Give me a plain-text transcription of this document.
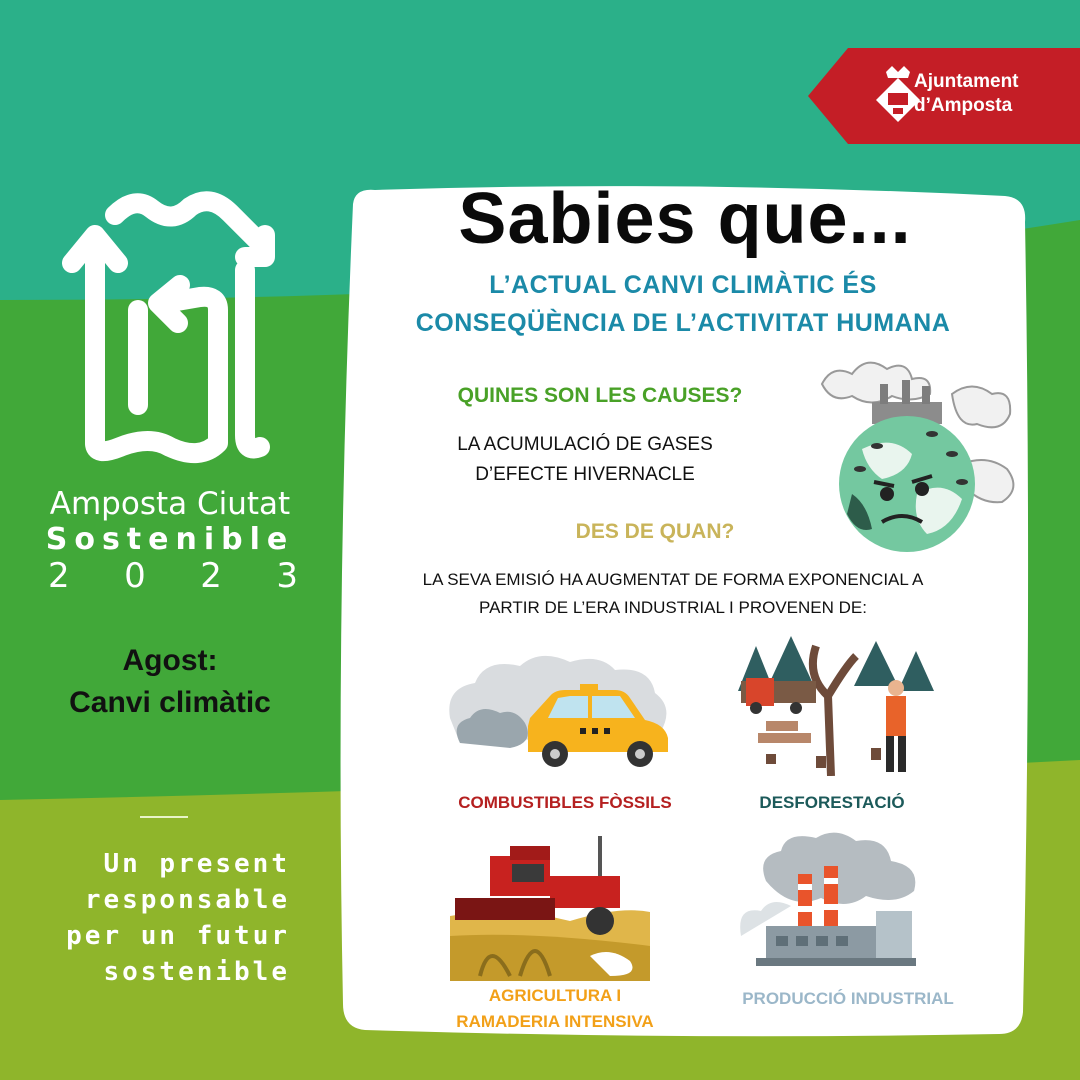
Ajuntament
d’Amposta
Amposta Ciutat
Sostenible
2 0 2 3
Agost:
Canvi climàtic
Un present
responsable
per un futur
sostenible
Sabies que...
L’ACTUAL CANVI CLIMÀTIC ÉS
CONSEQÜÈNCIA DE L’ACTIVITAT HUMANA
QUINES SON LES CAUSES?
LA ACUMULACIÓ DE GASES
D’EFECTE HIVERNACLE
DES DE QUAN?
LA SEVA EMISIÓ HA AUGMENTAT DE FORMA EXPONENCIAL A
PARTIR DE L’ERA INDUSTRIAL I PROVENEN DE:
COMBUSTIBLES FÒSSILS	DESFORESTACIÓ
AGRICULTURA I
RAMADERIA INTENSIVA
PRODUCCIÓ INDUSTRIAL
